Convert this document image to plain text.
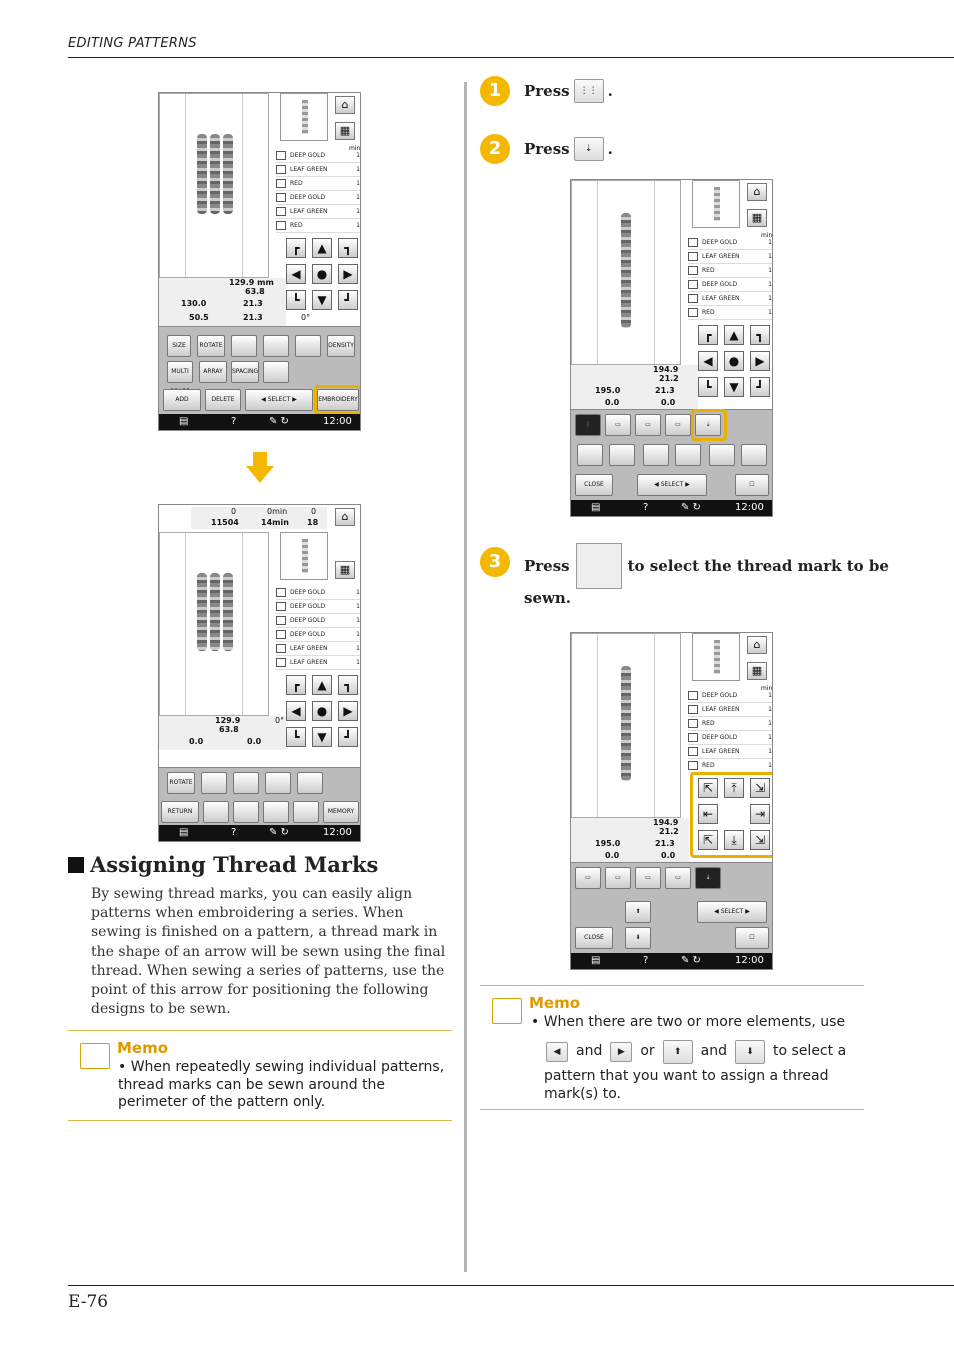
EDITING PATTERNS
⌂
▦
min
DEEP GOLD	1
LEAF GREEN	1
RED	1
DEEP GOLD	1
LEAF GREEN	1
RED	1
┏	▲	┓
◀	●	▶
┗	▼	┛
129.9 mm
63.8
130.0	21.3
50.5	21.3	0°
SIZE	ROTATE	DENSITY
MULTI	ARRAY	SPACING
ADD	DELETE	◀ SELECT ▶	EMBROIDERY
▤	?	✎ ↻	12:00
0
11504
0min
14min
0
18	⌂
▦
DEEP GOLD	1
DEEP GOLD	1
DEEP GOLD	1
DEEP GOLD	1
LEAF GREEN	1
LEAF GREEN	1
┏	▲	┓
◀	●	▶
┗	▼	┛
129.9	0°
63.8
0.0	0.0
ROTATE
RETURN	MEMORY
▤	?	✎ ↻	12:00
Assigning Thread Marks
By sewing thread marks, you can easily align patterns when embroidering a series. When sewing is finished on a pattern, a thread mark in the shape of an arrow will be sewn using the final thread. When sewing a series of patterns, use the point of this arrow for positioning the following designs to be sewn.
Memo
• When repeatedly sewing individual patterns, thread marks can be sewn around the perimeter of the pattern only.
1	Press	⋮⋮ .
2	Press	⇣	.
⌂
▦
min
DEEP GOLD	1
LEAF GREEN	1
RED	1
DEEP GOLD	1
LEAF GREEN	1
RED	1
┏	▲	┓
◀	●	▶
┗	▼	┛
194.9
21.2
195.0	21.3
0.0	0.0
⋮	▭	▭	▭	⇣
CLOSE	◀ SELECT ▶	☐
▤	?	✎ ↻	12:00
3	Press	to select the thread mark to be
sewn.
⌂
▦
min
DEEP GOLD	1
LEAF GREEN	1
RED	1
DEEP GOLD	1
LEAF GREEN	1
RED	1
⇱	⤒	⇲
⇤	⇥
⇱	⤓	⇲
194.9
21.2
195.0	21.3
0.0	0.0
▭	▭	▭	▭	⇣
⬆
⬇
◀ SELECT ▶
CLOSE	☐
▤	?	✎ ↻	12:00
Memo
• When there are two or more elements, use
◀	and	▶	or	⬆	and	⬇	to select a
pattern that you want to assign a thread mark(s) to.
E-76
